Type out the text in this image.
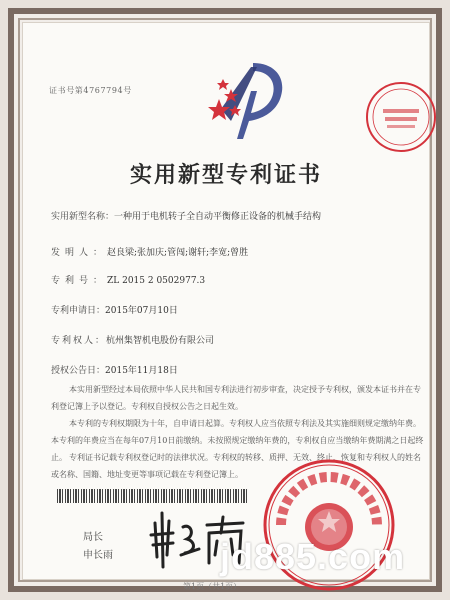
证书号第4767794号
实用新型专利证书
实用新型名称：一种用于电机转子全自动平衡修正设备的机械手结构
发明人：赵良梁;张加庆;管闯;谢轩;李宽;曾胜
专利号：ZL 2015 2 0502977.3
专利申请日：2015年07月10日
专利权人：杭州集智机电股份有限公司
授权公告日：2015年11月18日
本实用新型经过本局依照中华人民共和国专利法进行初步审查，决定授予专利权，颁发本证书并在专利登记簿上予以登记。专利权自授权公告之日起生效。
本专利的专利权期限为十年，自申请日起算。专利权人应当依照专利法及其实施细则规定缴纳年费。本专利的年费应当在每年07月10日前缴纳。未按照规定缴纳年费的，专利权自应当缴纳年费期满之日起终止。 专利证书记载专利权登记时的法律状况。专利权的转移、质押、无效、终止、恢复和专利权人的姓名或名称、国籍、地址变更等事项记载在专利登记簿上。
局长
申长雨
第1页（共1页）
jd885.com
